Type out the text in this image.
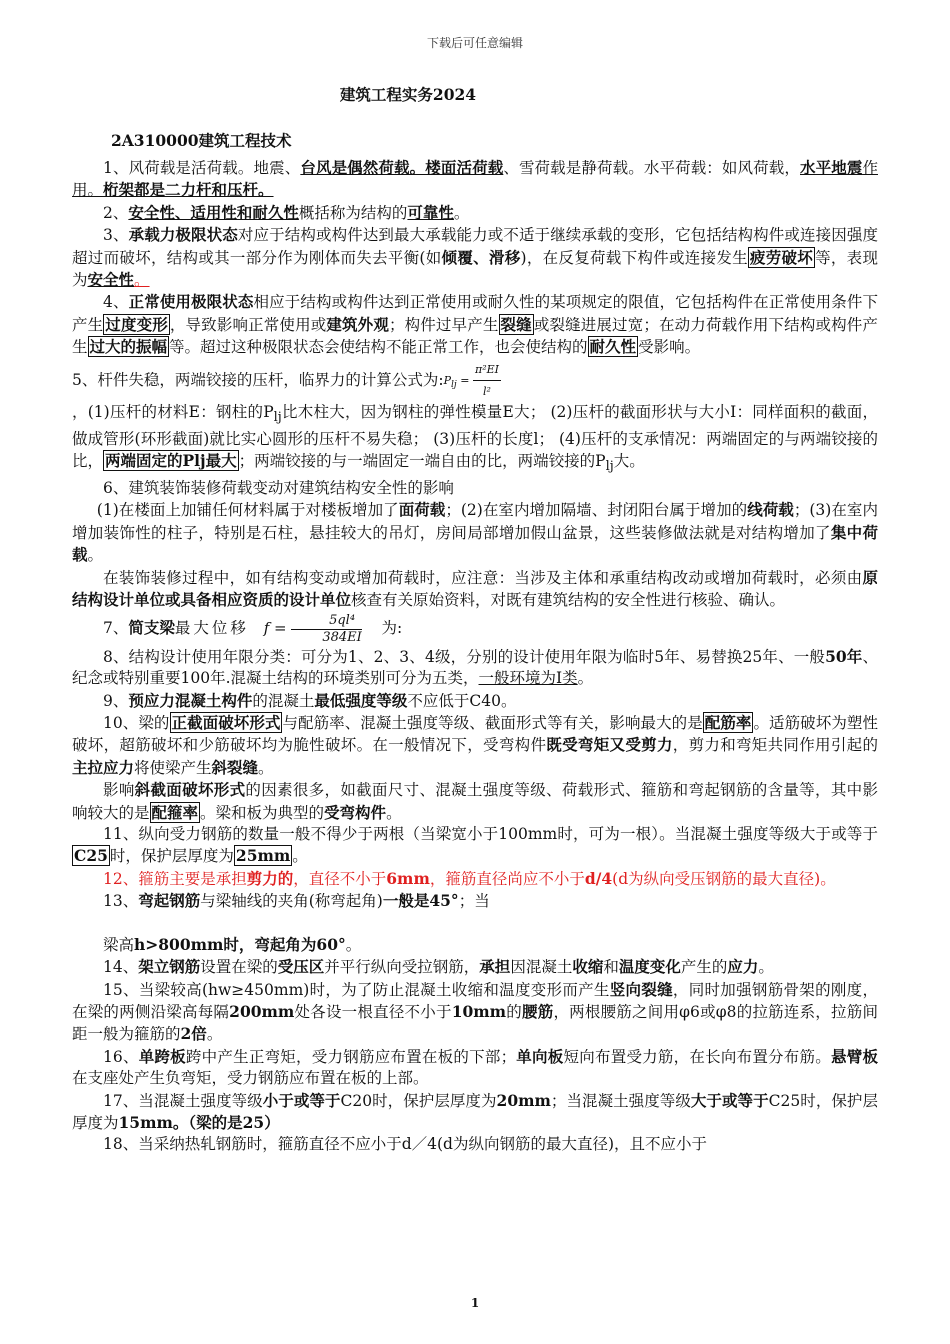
下载后可任意编辑
建筑工程实务2024
2A310000建筑工程技术

1、风荷载是活荷载。地震、台风是偶然荷载。楼面活荷载、雪荷载是静荷载。水平荷载：如风荷载，水平地震作用。桁架都是二力杆和压杆。

2、安全性、适用性和耐久性概括称为结构的可靠性。

3、承载力极限状态对应于结构或构件达到最大承载能力或不适于继续承载的变形，它包括结构构件或连接因强度超过而破坏，结构或其一部分作为刚体而失去平衡(如倾覆、滑移)，在反复荷载下构件或连接发生 疲劳破坏 等，表现为安全性。

4、正常使用极限状态相应于结构或构件达到正常使用或耐久性的某项规定的限值，它包括构件在正常使用条件下产生 过度变形 ，导致影响正常使用或建筑外观；构件过早产生 裂缝 或裂缝进展过宽；在动力荷载作用下结构或构件产生 过大的振幅 等。超过这种极限状态会使结构不能正常工作，也会使结构的 耐久性 受影响。

5、杆件失稳，两端铰接的压杆，临界力的计算公式为$:P_{lj} = \frac{\text{π²EI}}{\text{l²}}$

，(1)压杆的材料E：钢柱的$P_{lj}$比木柱大，因为钢柱的弹性模量E大； (2)压杆的截面形状与大小I：同样面积的截面，做成管形(环形截面)就比实心圆形的压杆不易失稳； (3)压杆的长度l； (4)压杆的支承情况：两端固定的与两端铰接的比， 两端固定的Plj最大 ；两端铰接的与一端固定一端自由的比，两端铰接的$P_{lj}$大。

6、建筑装饰装修荷载变动对建筑结构安全性的影响

(1)在楼面上加铺任何材料属于对楼板增加了面荷载；(2)在室内增加隔墙、封闭阳台属于增加的线荷载；(3)在室内增加装饰性的柱子，特别是石柱，悬挂较大的吊灯，房间局部增加假山盆景，这些装修做法就是对结构增加了集中荷载。

在装饰装修过程中，如有结构变动或增加荷载时，应注意：当涉及主体和承重结构改动或增加荷载时，必须由原结构设计单位或具备相应资质的设计单位核查有关原始资料，对既有建筑结构的安全性进行核验、确认。

7、简支梁最大位移 $f = \frac{\text{5ql⁴}}{384EI}$ 为:

8、结构设计使用年限分类：可分为1、2、3、4级，分别的设计使用年限为临时5年、易替换25年、一般50年、纪念或特别重要100年.混凝土结构的环境类别可分为五类，一般环境为I类。

9、预应力混凝土构件的混凝土最低强度等级不应低于C40。

10、梁的 正截面破坏形式 与配筋率、混凝土强度等级、截面形式等有关，影响最大的是 配筋率 。适筋破坏为塑性破坏，超筋破坏和少筋破坏均为脆性破坏。在一般情况下，受弯构件既受弯矩又受剪力，剪力和弯矩共同作用引起的主拉应力将使梁产生斜裂缝。

影响斜截面破坏形式的因素很多，如截面尺寸、混凝土强度等级、荷载形式、箍筋和弯起钢筋的含量等，其中影响较大的是 配箍率 。梁和板为典型的受弯构件。

11、纵向受力钢筋的数量一般不得少于两根（当梁宽小于100mm时，可为一根）。当混凝土强度等级大于或等于C25 时，保护层厚度为 25mm 。

12、箍筋主要是承担剪力的，直径不小于6mm，箍筋直径尚应不小于d/4(d为纵向受压钢筋的最大直径)。

13、弯起钢筋与梁轴线的夹角(称弯起角)一般是45°；当

梁高h>800mm时，弯起角为60°。

14、架立钢筋设置在梁的受压区并平行纵向受拉钢筋，承担因混凝土收缩和温度变化产生的应力。

15、当梁较高(hw≥450mm)时，为了防止混凝土收缩和温度变形而产生竖向裂缝，同时加强钢筋骨架的刚度，在梁的两侧沿梁高每隔200mm处各设一根直径不小于10mm的腰筋，两根腰筋之间用φ6或φ8的拉筋连系，拉筋间距一般为箍筋的2倍。

16、单跨板跨中产生正弯矩，受力钢筋应布置在板的下部；单向板短向布置受力筋，在长向布置分布筋。悬臂板在支座处产生负弯矩，受力钢筋应布置在板的上部。

17、当混凝土强度等级小于或等于C20时，保护层厚度为20mm；当混凝土强度等级大于或等于C25时，保护层厚度为15mm。（梁的是25）

18、当采纳热轧钢筋时，箍筋直径不应小于d／4(d为纵向钢筋的最大直径)，且不应小于

1
